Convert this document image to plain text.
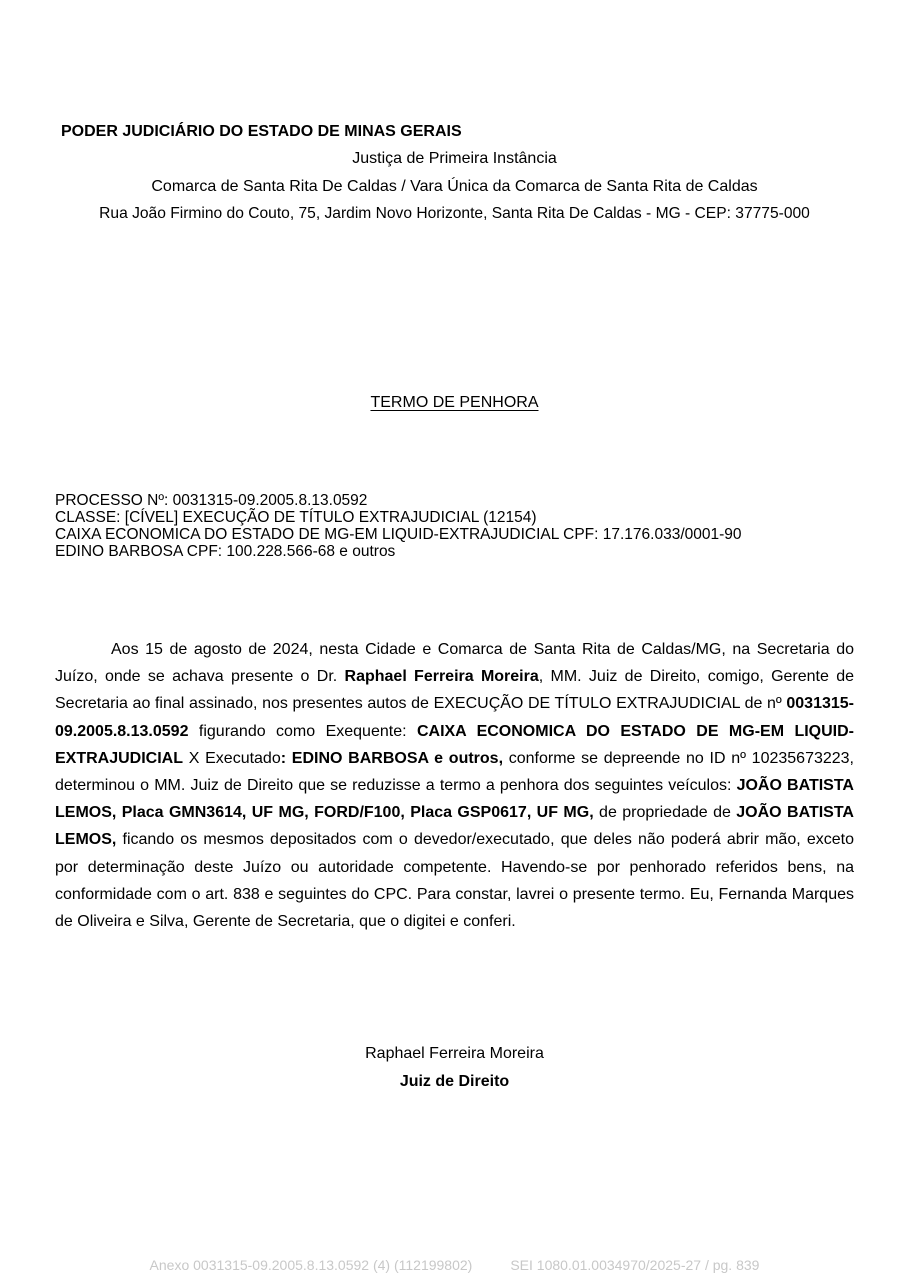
PODER JUDICIÁRIO DO ESTADO DE MINAS GERAIS
Justiça de Primeira Instância
Comarca de Santa Rita De Caldas / Vara Única da Comarca de Santa Rita de Caldas
Rua João Firmino do Couto, 75, Jardim Novo Horizonte, Santa Rita De Caldas - MG - CEP: 37775-000
TERMO DE PENHORA
PROCESSO Nº: 0031315-09.2005.8.13.0592
CLASSE: [CÍVEL] EXECUÇÃO DE TÍTULO EXTRAJUDICIAL (12154)
CAIXA ECONOMICA DO ESTADO DE MG-EM LIQUID-EXTRAJUDICIAL CPF: 17.176.033/0001-90
EDINO BARBOSA CPF: 100.228.566-68 e outros

Aos 15 de agosto de 2024, nesta Cidade e Comarca de Santa Rita de Caldas/MG, na Secretaria do Juízo, onde se achava presente o Dr. Raphael Ferreira Moreira, MM. Juiz de Direito, comigo, Gerente de Secretaria ao final assinado, nos presentes autos de EXECUÇÃO DE TÍTULO EXTRAJUDICIAL de nº 0031315-09.2005.8.13.0592 figurando como Exequente: CAIXA ECONOMICA DO ESTADO DE MG-EM LIQUID-EXTRAJUDICIAL X Executado: EDINO BARBOSA e outros, conforme se depreende no ID nº 10235673223, determinou o MM. Juiz de Direito que se reduzisse a termo a penhora dos seguintes veículos: JOÃO BATISTA LEMOS, Placa GMN3614, UF MG, FORD/F100, Placa GSP0617, UF MG, de propriedade de JOÃO BATISTA LEMOS, ficando os mesmos depositados com o devedor/executado, que deles não poderá abrir mão, exceto por determinação deste Juízo ou autoridade competente. Havendo-se por penhorado referidos bens, na conformidade com o art. 838 e seguintes do CPC. Para constar, lavrei o presente termo. Eu, Fernanda Marques de Oliveira e Silva, Gerente de Secretaria, que o digitei e conferi.

Raphael Ferreira Moreira
Juiz de Direito
Anexo 0031315-09.2005.8.13.0592 (4) (112199802)	SEI 1080.01.0034970/2025-27 / pg. 839
